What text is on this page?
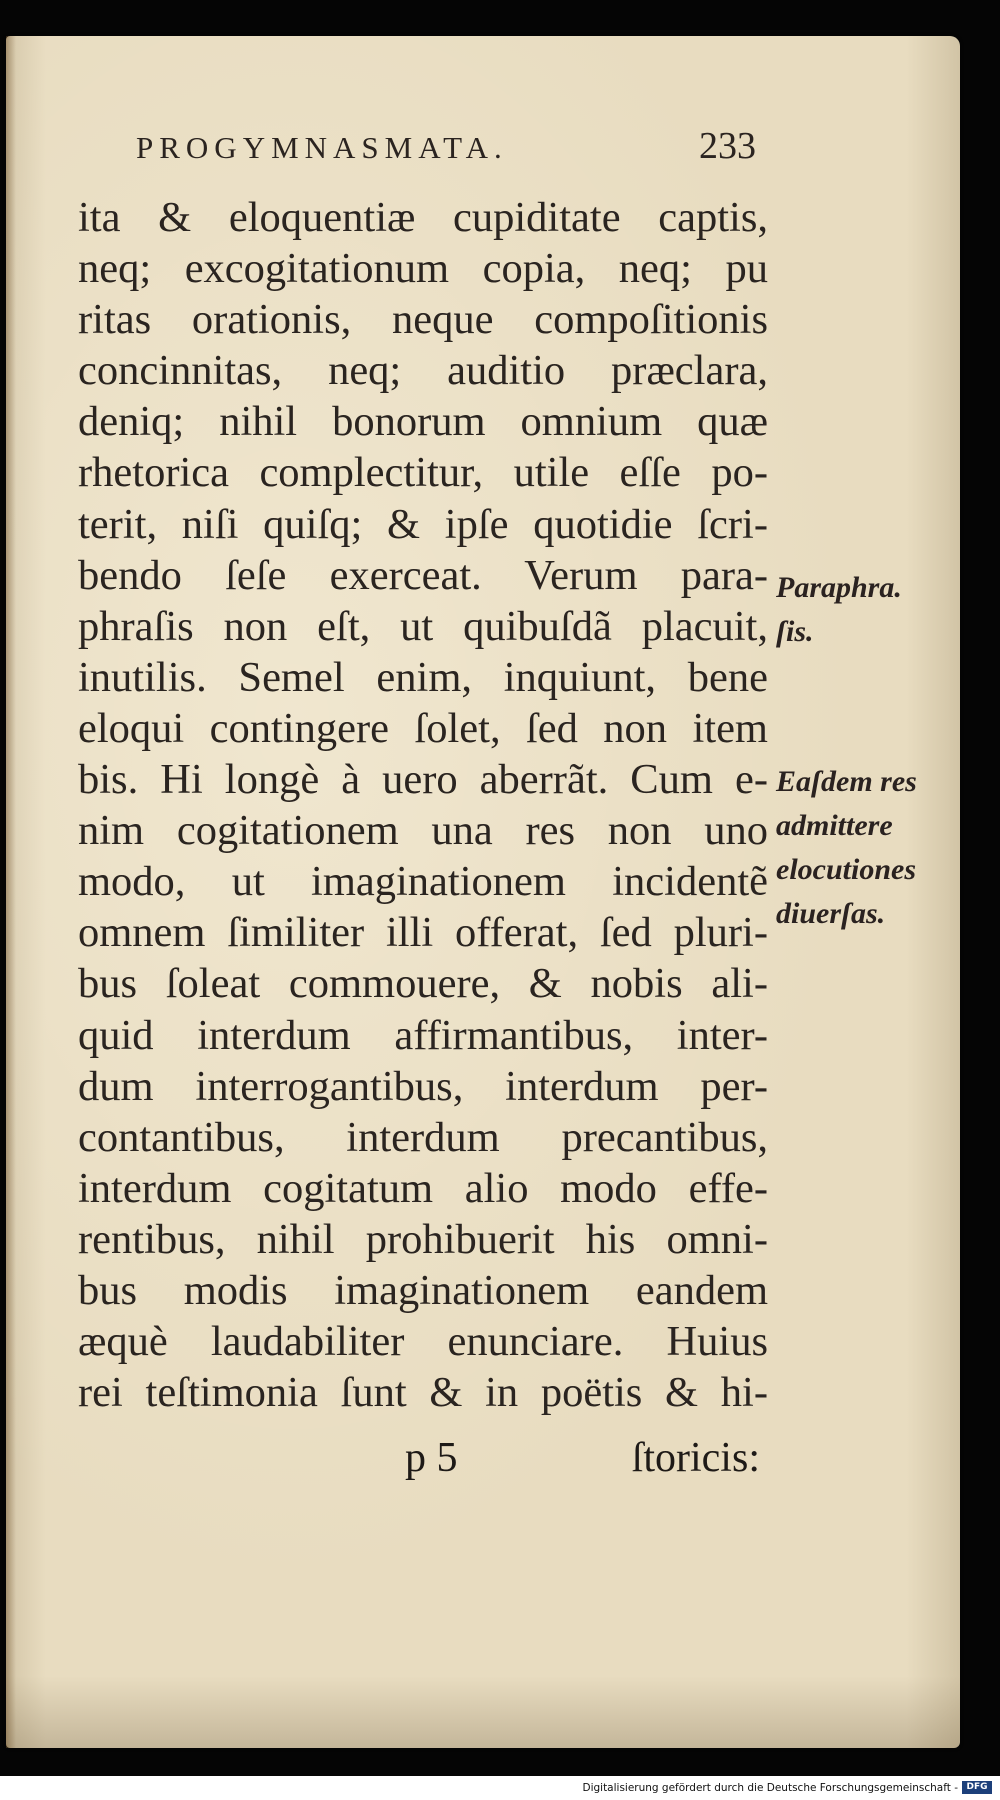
PROGYMNASMATA.	233
ita & eloquentiæ cupiditate captis,
neq; excogitationum copia, neq; pu
ritas orationis, neque compoſitionis
concinnitas, neq; auditio præclara,
deniq; nihil bonorum omnium quæ
rhetorica complectitur, utile eſſe po-
terit, niſi quiſq; & ipſe quotidie ſcri-
bendo ſeſe exerceat. Verum para-
phraſis non eſt, ut quibuſdã placuit,
inutilis. Semel enim, inquiunt, bene
eloqui contingere ſolet, ſed non item
bis. Hi longè à uero aberrãt. Cum e-
nim cogitationem una res non uno
modo, ut imaginationem incidentẽ
omnem ſimiliter illi offerat, ſed pluri-
bus ſoleat commouere, & nobis ali-
quid interdum affirmantibus, inter-
dum interrogantibus, interdum per-
contantibus, interdum precantibus,
interdum cogitatum alio modo effe-
rentibus, nihil prohibuerit his omni-
bus modis imaginationem eandem
æquè laudabiliter enunciare. Huius
rei teſtimonia ſunt & in poëtis & hi-
p 5	ſtoricis:
Paraphra.
ſis.
Eaſdem res
admittere
elocutiones
diuerſas.
Digitalisierung gefördert durch die Deutsche Forschungsgemeinschaft - DFG
